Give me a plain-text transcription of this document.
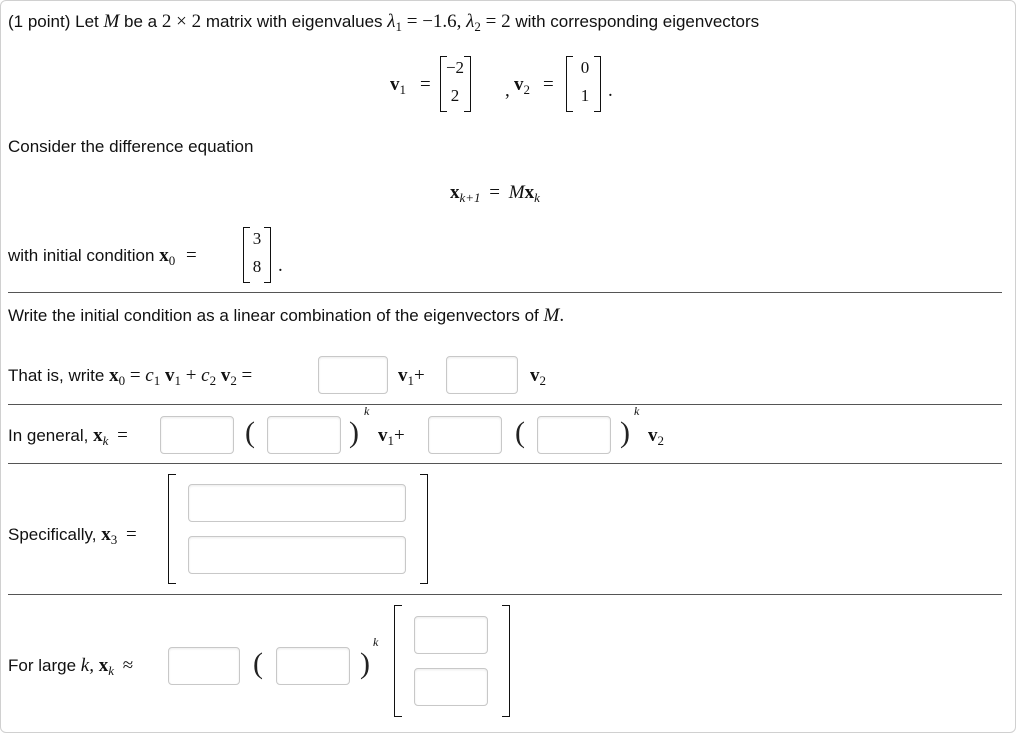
(1 point) Let M be a 2 × 2 matrix with eigenvalues $\lambda_1 = -1.6$, $\lambda_2 = 2$ with corresponding eigenvectors
$v_1$ =
−2
2	, $v_2$ =
0
1 .
Consider the difference equation
$x_{k+1} = Mx_k$
with initial condition $x_0$ =
3
8 .
Write the initial condition as a linear combination of the eigenvectors of M.
That is, write $x_0 = c_1$ $v_1 + c_2$ $v_2$ =	$v_1+$	$v_2$
In general, $x_k$ =	(	)
k
$v_1+$	(	)
k
$v_2$
Specifically, $x_3$ =
For large k, $x_k$ ≈	(	)
k
